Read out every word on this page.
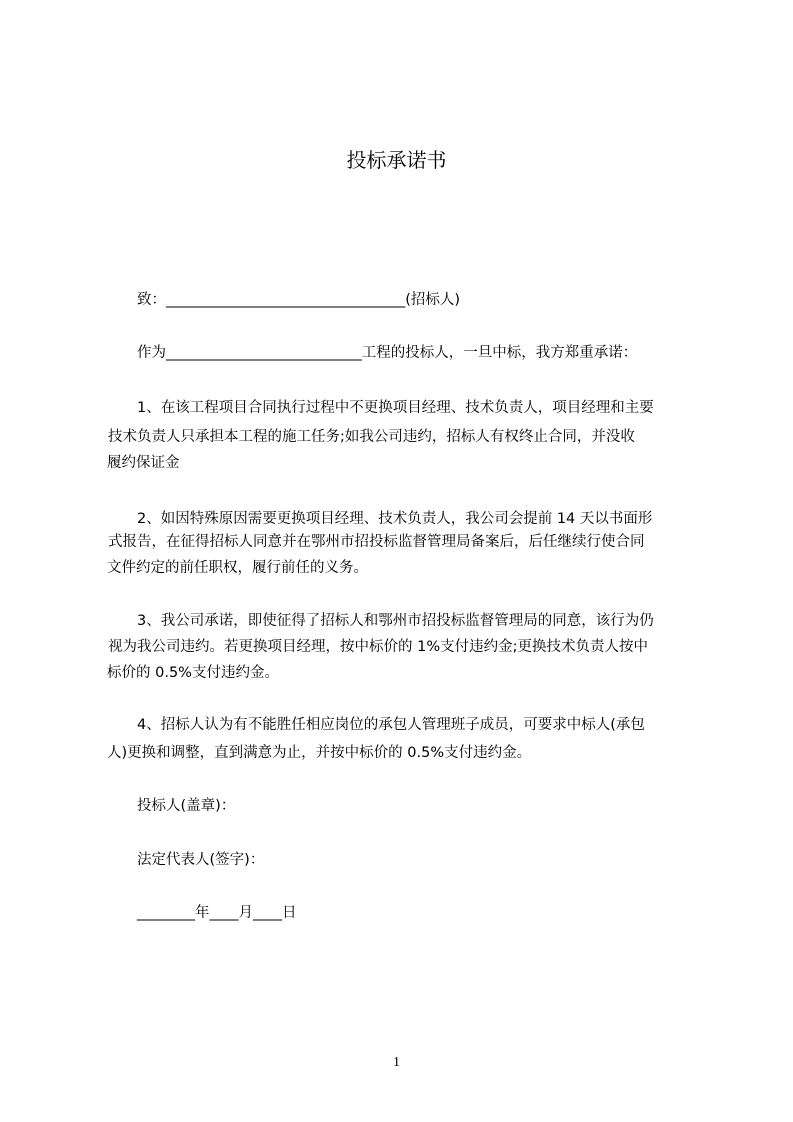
投标承诺书
致：_________________________________(招标人)
作为___________________________工程的投标人，一旦中标，我方郑重承诺：
1、在该工程项目合同执行过程中不更换项目经理、技术负责人，项目经理和主要
技术负责人只承担本工程的施工任务;如我公司违约，招标人有权终止合同，并没收
履约保证金
2、如因特殊原因需要更换项目经理、技术负责人，我公司会提前 14 天以书面形
式报告，在征得招标人同意并在鄂州市招投标监督管理局备案后，后任继续行使合同
文件约定的前任职权，履行前任的义务。
3、我公司承诺，即使征得了招标人和鄂州市招投标监督管理局的同意，该行为仍
视为我公司违约。若更换项目经理，按中标价的 1%支付违约金;更换技术负责人按中
标价的 0.5%支付违约金。
4、招标人认为有不能胜任相应岗位的承包人管理班子成员，可要求中标人(承包
人)更换和调整，直到满意为止，并按中标价的 0.5%支付违约金。
投标人(盖章)：
法定代表人(签字)：
________年____月____日
1
